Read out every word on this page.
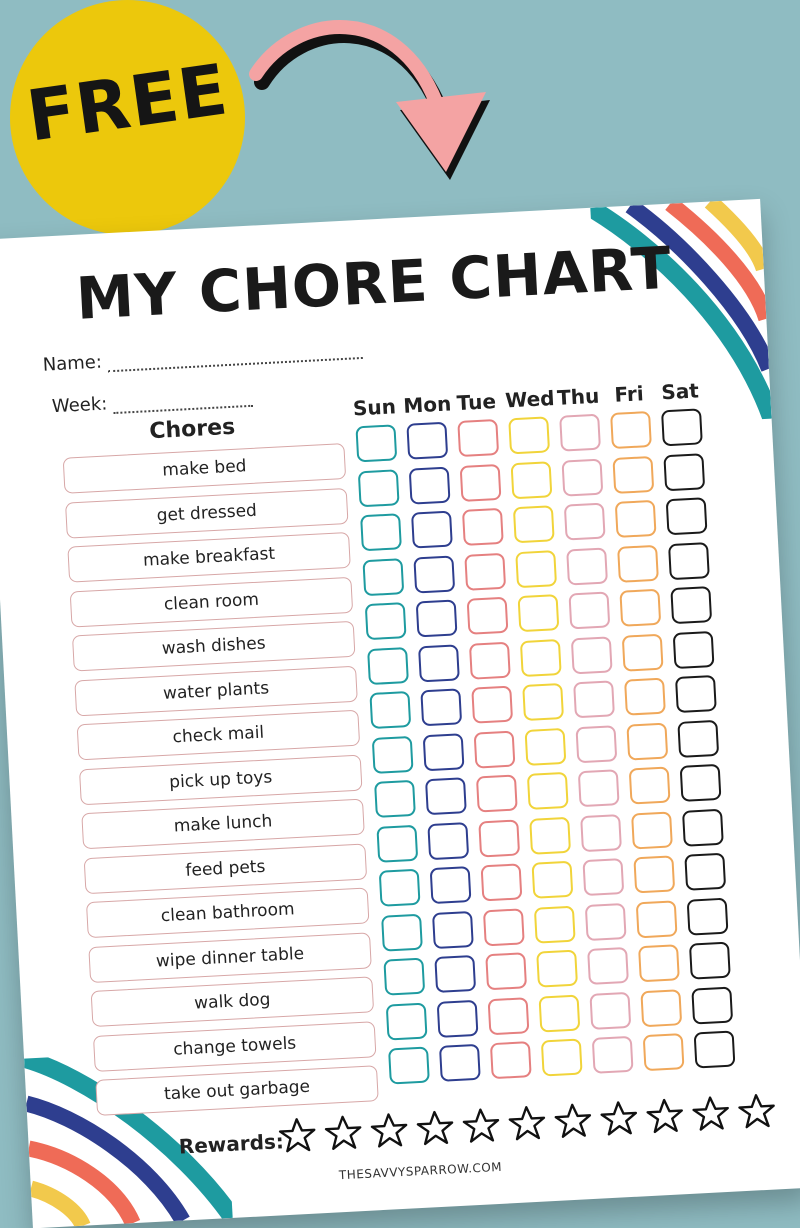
FREE
MY CHORE CHART
Name:
Week:
Chores
make bed
get dressed
make breakfast
clean room
wash dishes
water plants
check mail
pick up toys
make lunch
feed pets
clean bathroom
wipe dinner table
walk dog
change towels
take out garbage
Sun Mon Tue Wed Thu Fri Sat
Rewards:
THESAVVYSPARROW.COM
